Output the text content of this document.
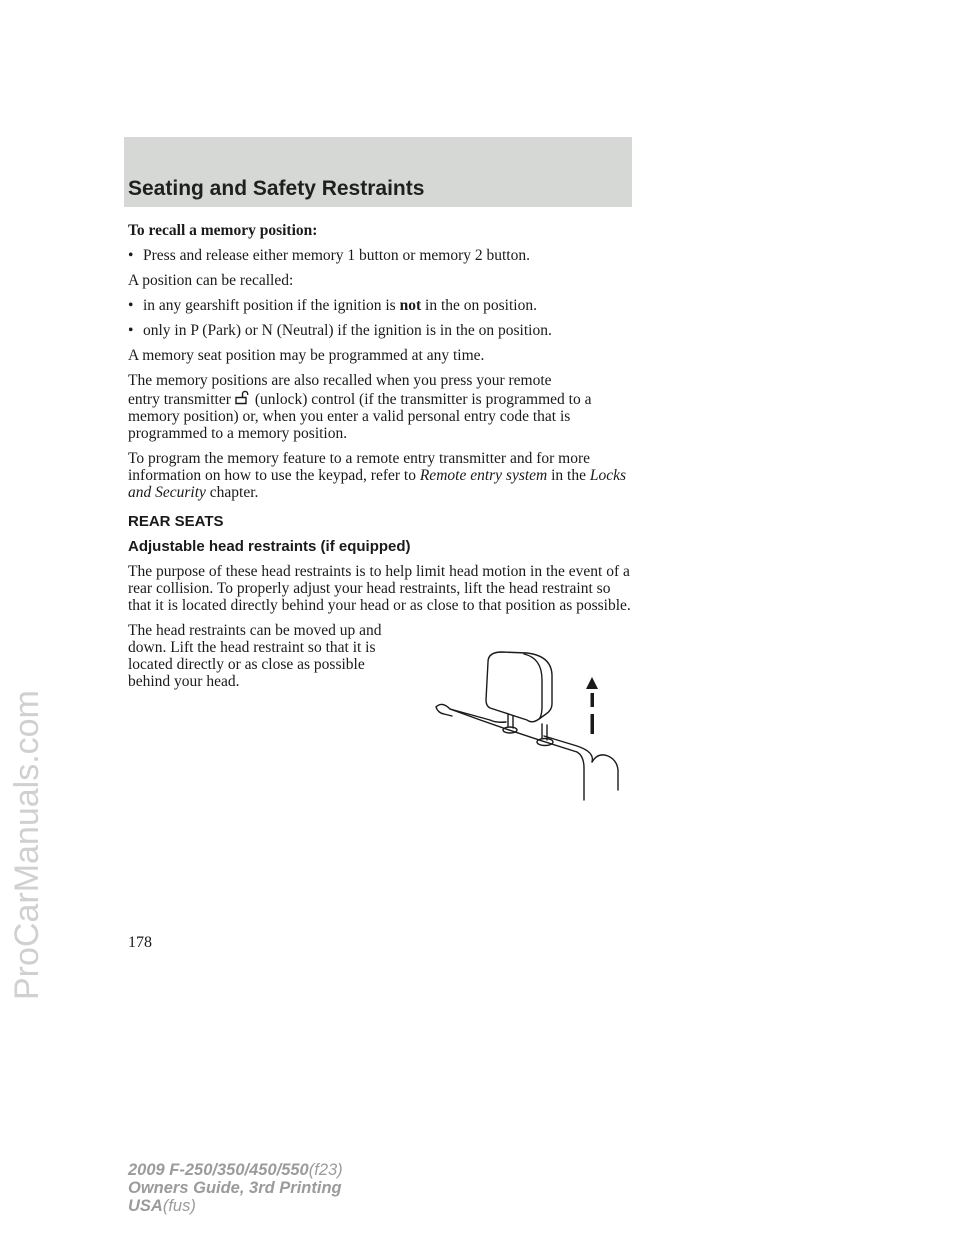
ProCarManuals.com
Seating and Safety Restraints

To recall a memory position:

• Press and release either memory 1 button or memory 2 button.

A position can be recalled:

• in any gearshift position if the ignition is not in the on position.
• only in P (Park) or N (Neutral) if the ignition is in the on position.

A memory seat position may be programmed at any time.

The memory positions are also recalled when you press your remote
entry transmitter (unlock) control (if the transmitter is programmed to a memory position) or, when you enter a valid personal entry code that is programmed to a memory position.

To program the memory feature to a remote entry transmitter and for more information on how to use the keypad, refer to Remote entry system in the Locks and Security chapter.

REAR SEATS

Adjustable head restraints (if equipped)

The purpose of these head restraints is to help limit head motion in the event of a rear collision. To properly adjust your head restraints, lift the head restraint so that it is located directly behind your head or as close to that position as possible.

The head restraints can be moved up and down. Lift the head restraint so that it is located directly or as close as possible behind your head.

178
2009 F-250/350/450/550(f23)
Owners Guide, 3rd Printing
USA(fus)
